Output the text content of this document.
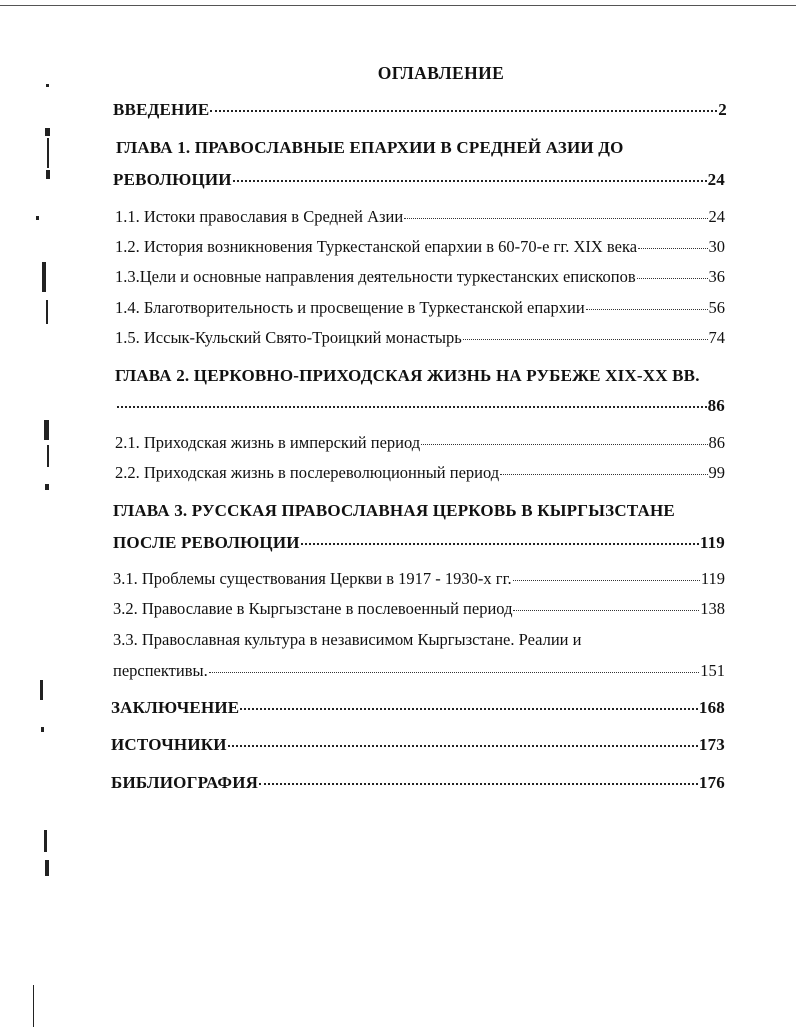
ОГЛАВЛЕНИЕ
ВВЕДЕНИЕ	2
ГЛАВА 1. ПРАВОСЛАВНЫЕ ЕПАРХИИ В СРЕДНЕЙ АЗИИ ДО
РЕВОЛЮЦИИ	24
1.1. Истоки православия в Средней Азии	24
1.2. История возникновения Туркестанской епархии в 60-70-е гг. XIX века	30
1.3.Цели и основные направления деятельности туркестанских епископов	36
1.4. Благотворительность и просвещение в Туркестанской епархии	56
1.5. Иссык-Кульский Свято-Троицкий монастырь	74
ГЛАВА 2. ЦЕРКОВНО-ПРИХОДСКАЯ ЖИЗНЬ НА РУБЕЖЕ XIX-XX ВВ.
86
2.1. Приходская жизнь в имперский период	86
2.2. Приходская жизнь в послереволюционный период	99
ГЛАВА 3. РУССКАЯ ПРАВОСЛАВНАЯ ЦЕРКОВЬ В КЫРГЫЗСТАНЕ
ПОСЛЕ РЕВОЛЮЦИИ	119
3.1. Проблемы существования Церкви в 1917 - 1930-х гг.	119
3.2. Православие в Кыргызстане в послевоенный период	138
3.3. Православная культура в независимом Кыргызстане. Реалии и
перспективы.	151
ЗАКЛЮЧЕНИЕ	168
ИСТОЧНИКИ	173
БИБЛИОГРАФИЯ	176
